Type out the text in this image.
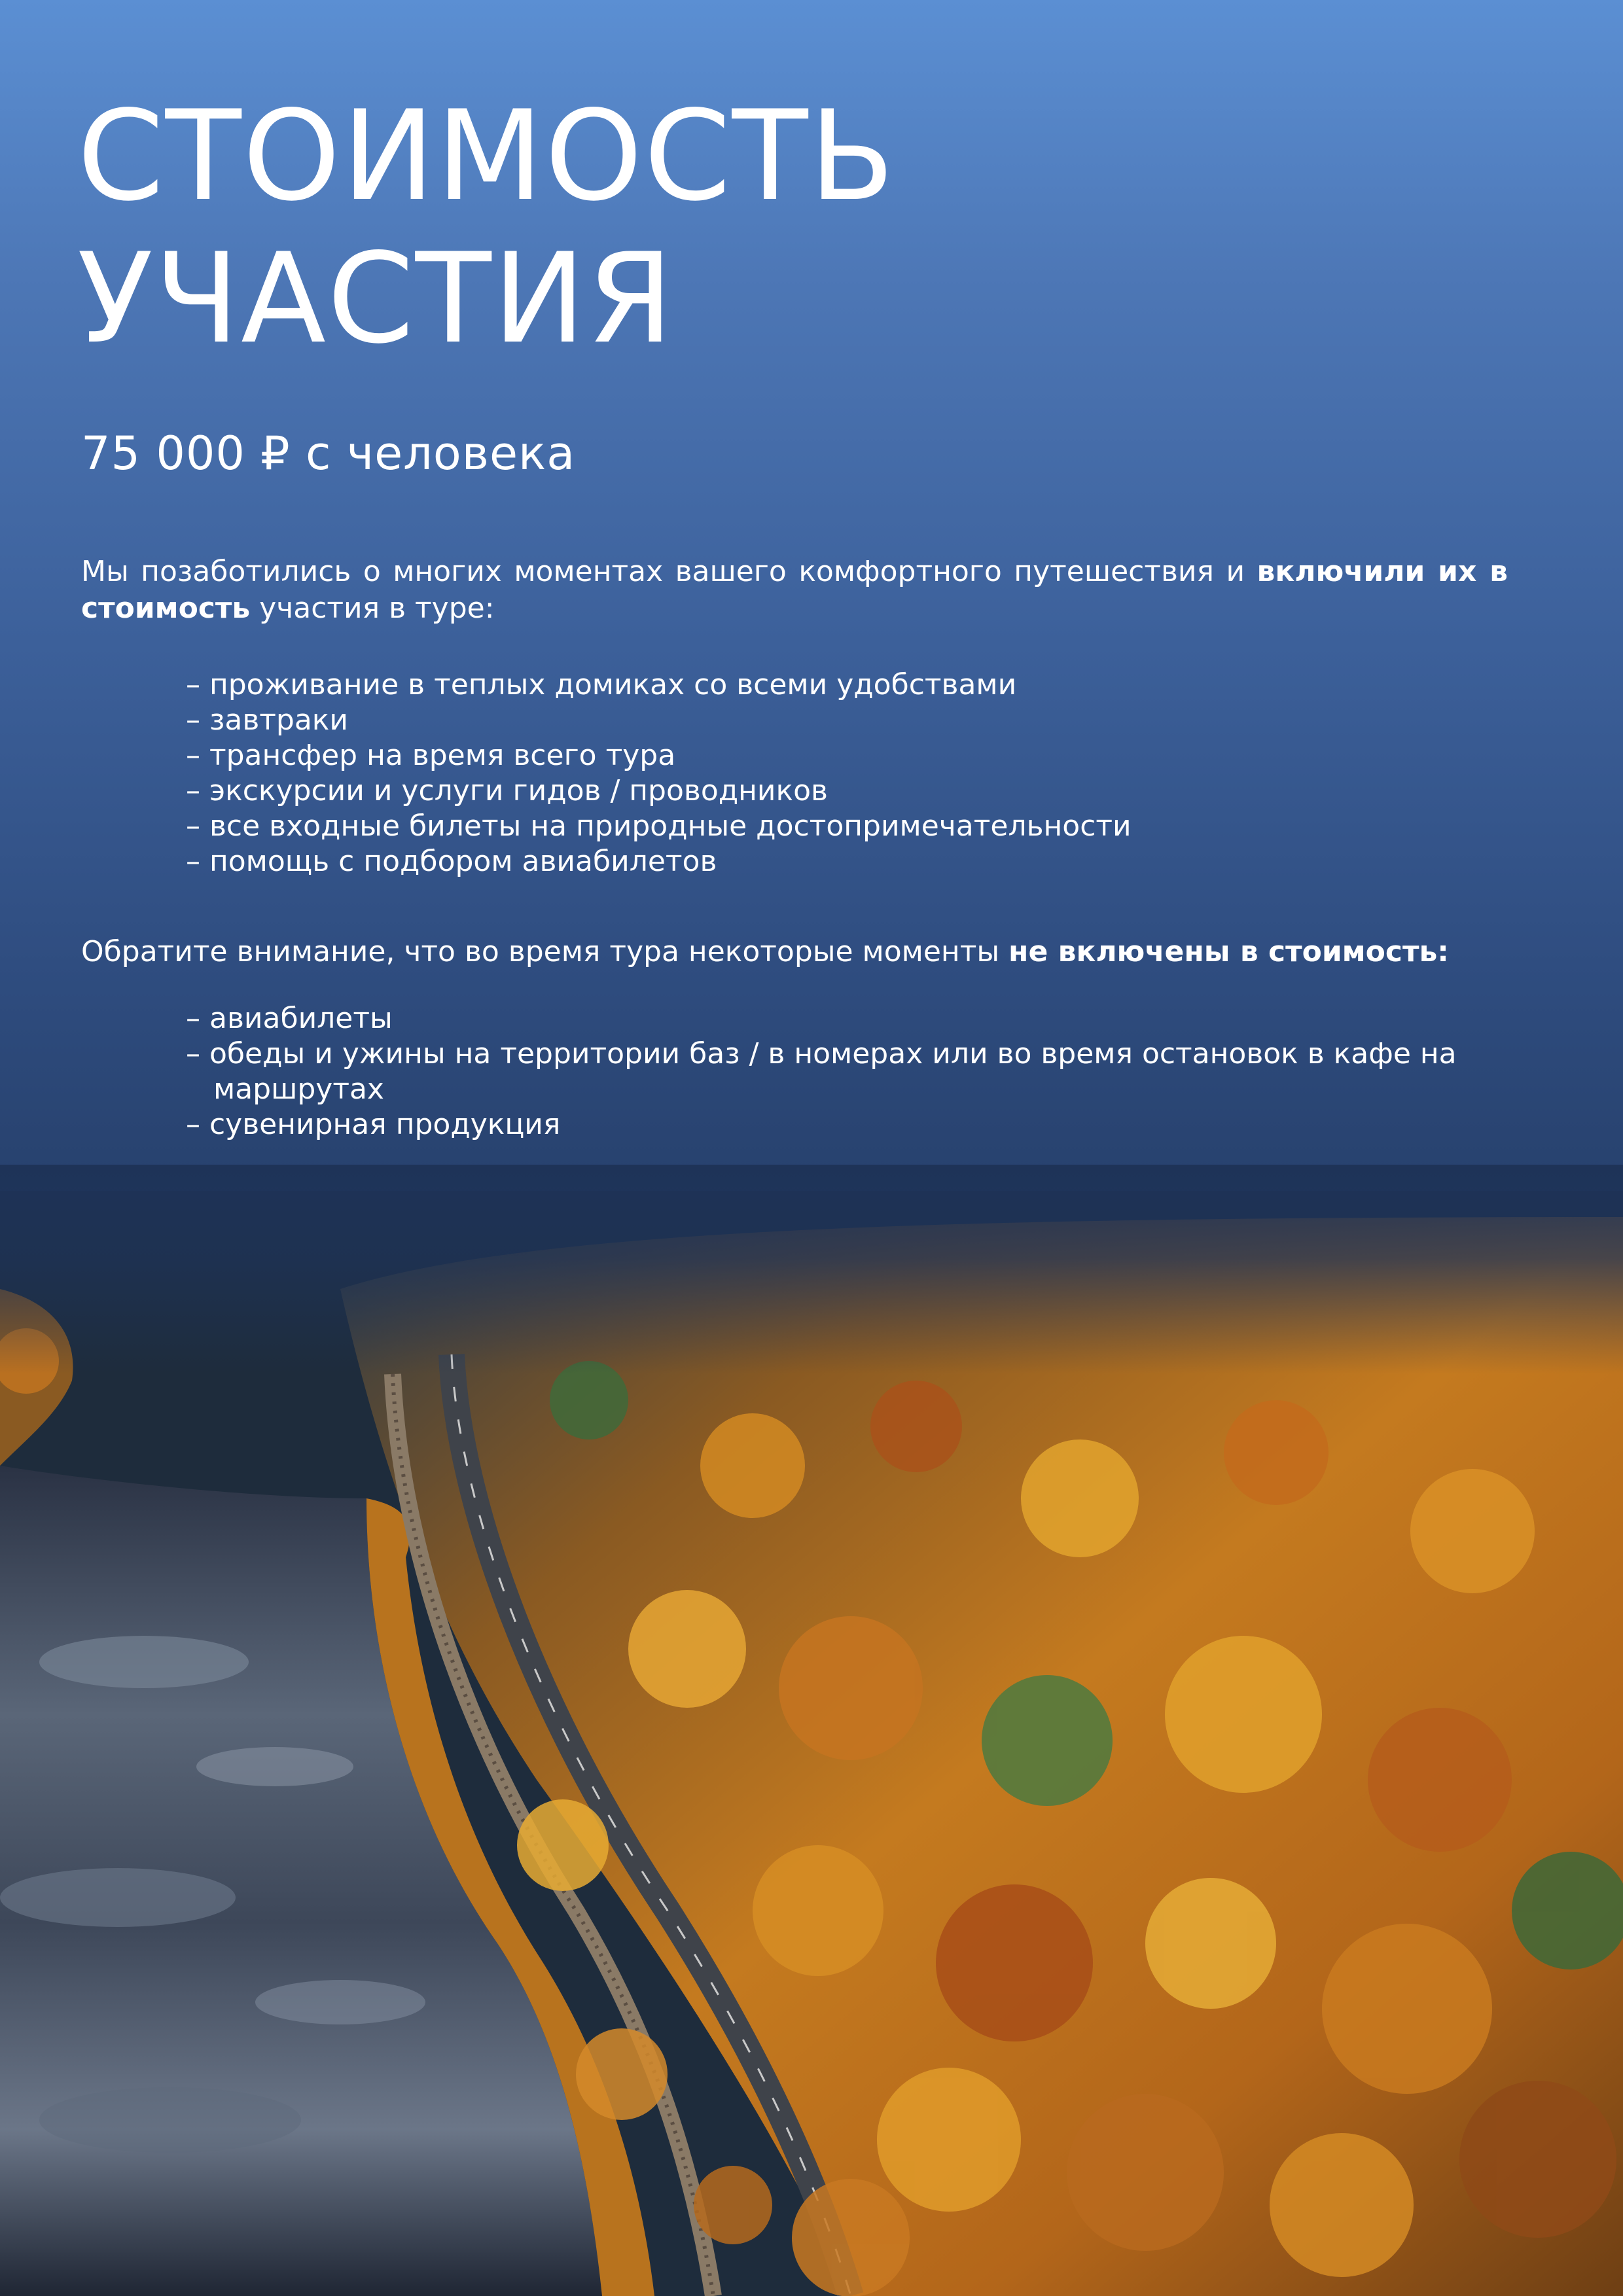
СТОИМОСТЬ
УЧАСТИЯ

75 000 ₽ с человека

Мы позаботились о многих моментах вашего комфортного путешествия и включили их в стоимость участия в туре:

– проживание в теплых домиках со всеми удобствами
– завтраки
– трансфер на время всего тура
– экскурсии и услуги гидов / проводников
– все входные билеты на природные достопримечательности
– помощь с подбором авиабилетов

Обратите внимание, что во время тура некоторые моменты не включены в стоимость:

– авиабилеты
– обеды и ужины на территории баз / в номерах или во время остановок в кафе на маршрутах
– сувенирная продукция
